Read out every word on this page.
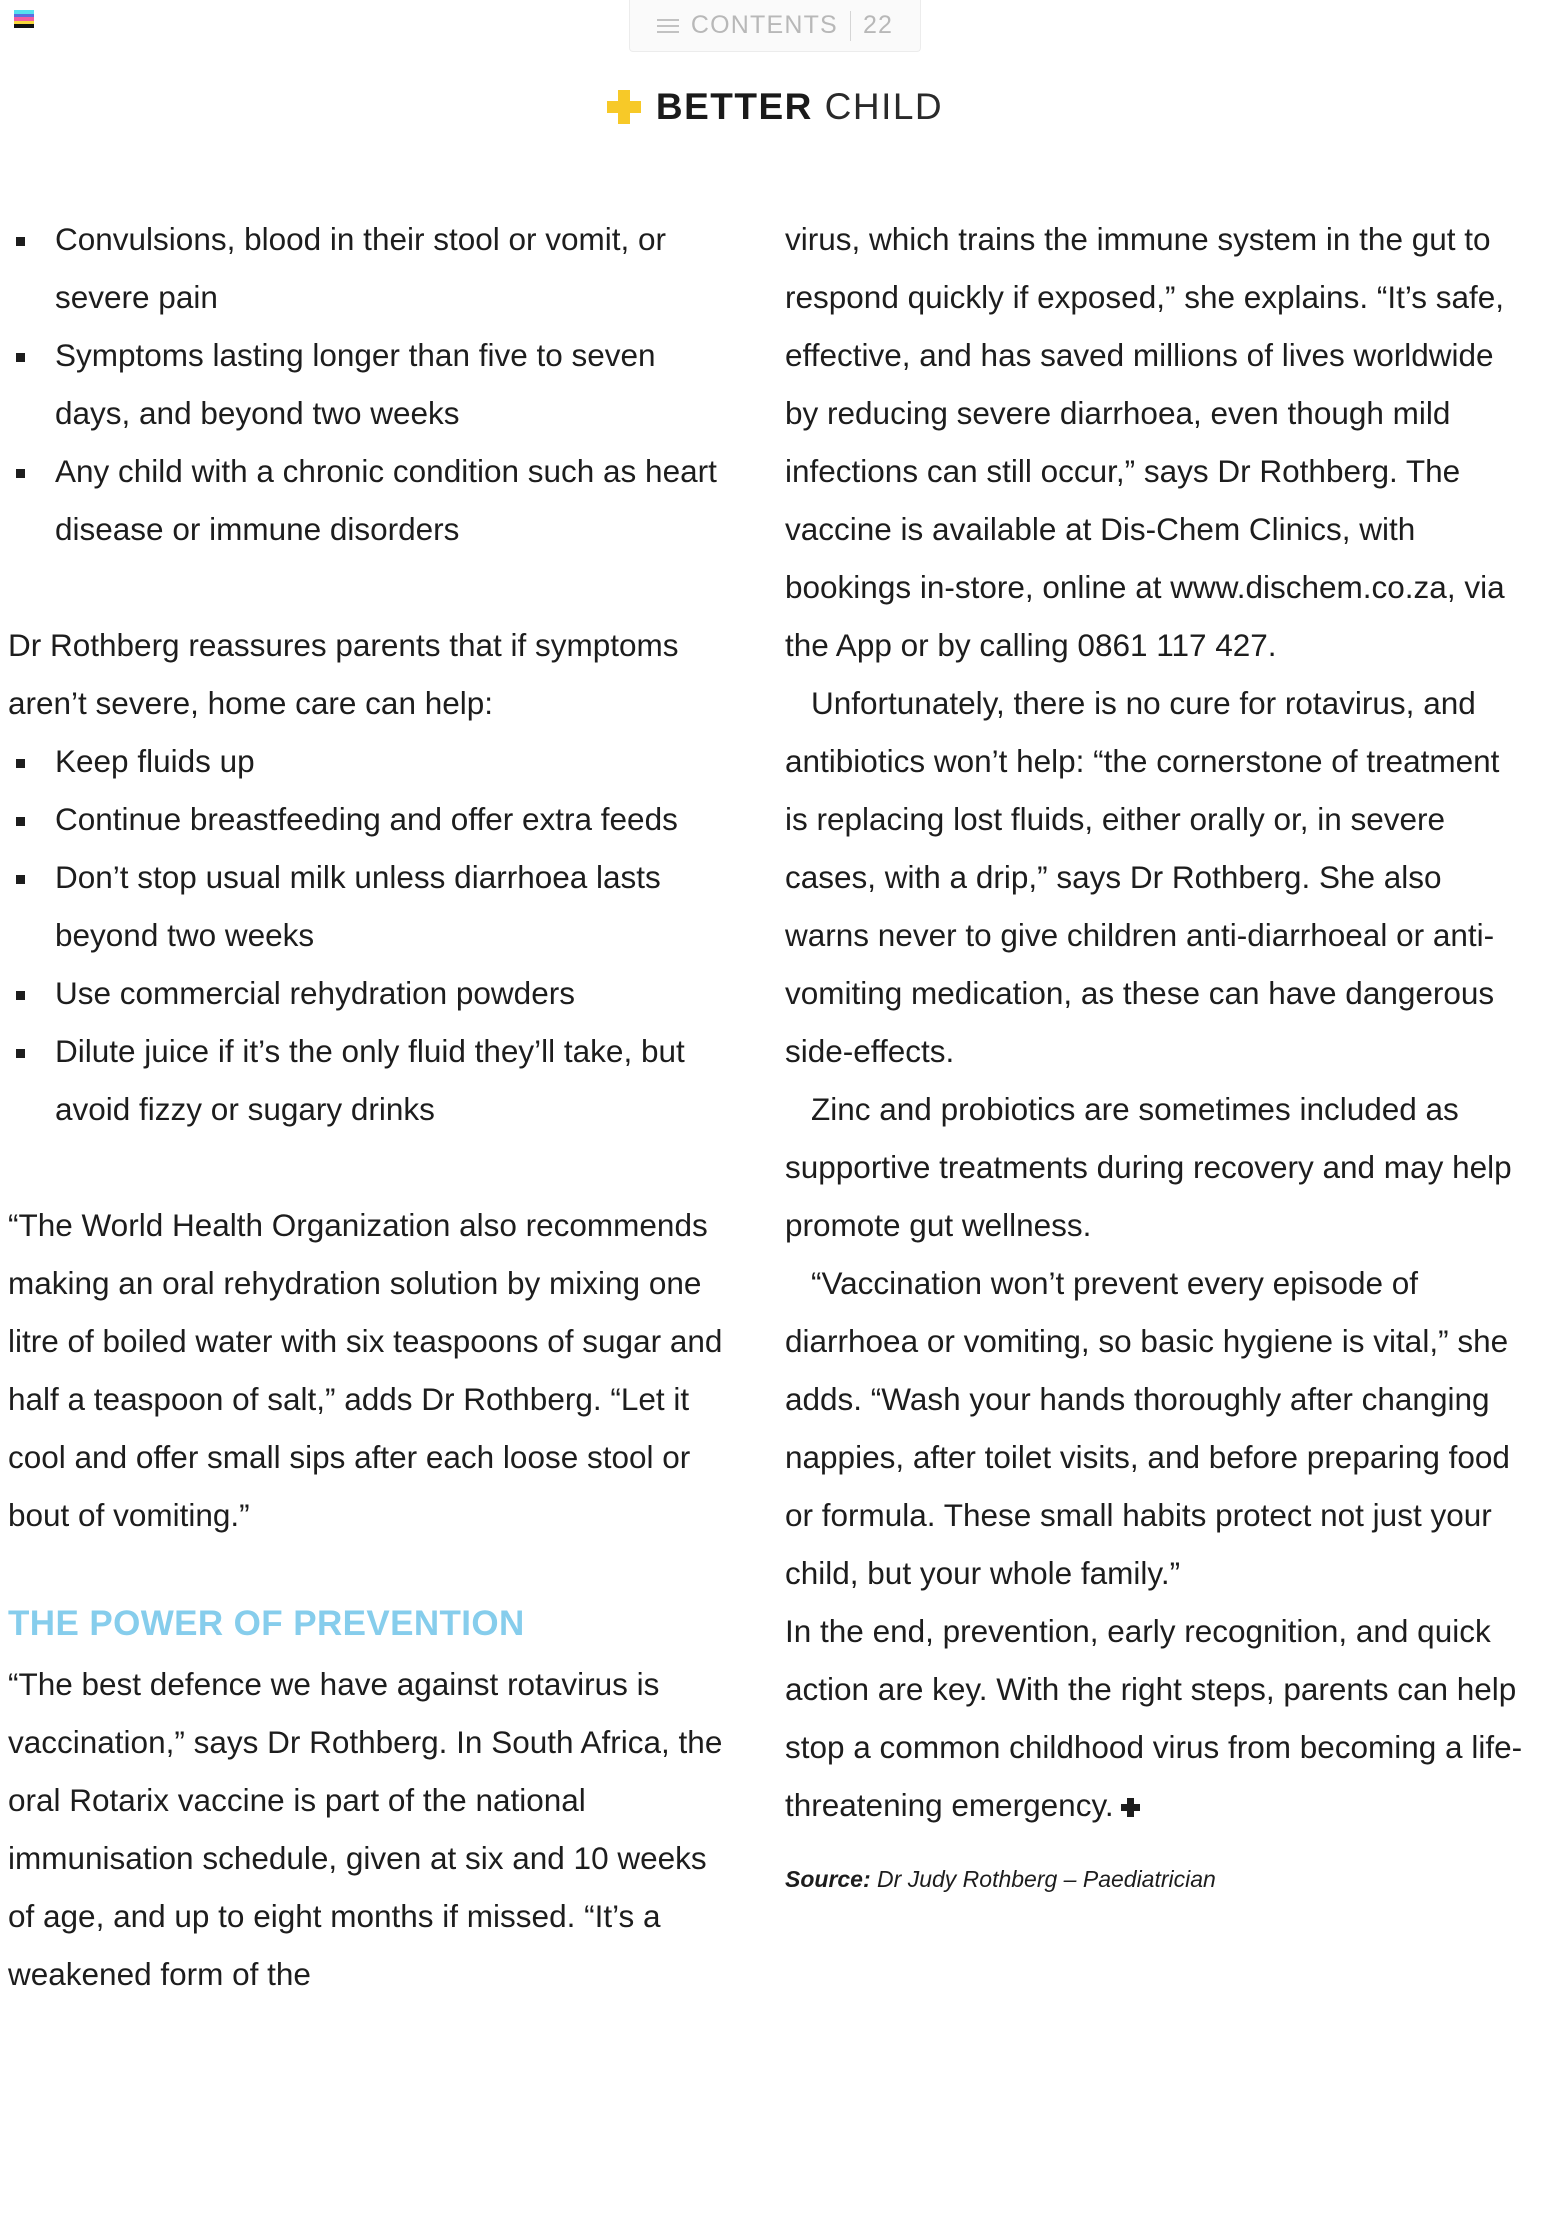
CONTENTS 22
BETTER CHILD
Convulsions, blood in their stool or vomit, or severe pain
Symptoms lasting longer than five to seven days, and beyond two weeks
Any child with a chronic condition such as heart disease or immune disorders

Dr Rothberg reassures parents that if symptoms aren’t severe, home care can help:

Keep fluids up
Continue breastfeeding and offer extra feeds
Don’t stop usual milk unless diarrhoea lasts beyond two weeks
Use commercial rehydration powders
Dilute juice if it’s the only fluid they’ll take, but avoid fizzy or sugary drinks

“The World Health Organization also recommends making an oral rehydration solution by mixing one litre of boiled water with six teaspoons of sugar and half a teaspoon of salt,” adds Dr Rothberg. “Let it cool and offer small sips after each loose stool or bout of vomiting.”

THE POWER OF PREVENTION

“The best defence we have against rotavirus is vaccination,” says Dr Rothberg. In South Africa, the oral Rotarix vaccine is part of the national immunisation schedule, given at six and 10 weeks of age, and up to eight months if missed. “It’s a weakened form of the

virus, which trains the immune system in the gut to respond quickly if exposed,” she explains. “It’s safe, effective, and has saved millions of lives worldwide by reducing severe diarrhoea, even though mild infections can still occur,” says Dr Rothberg. The vaccine is available at Dis-Chem Clinics, with bookings in-store, online at www.dischem.co.za, via the App or by calling 0861 117 427.

Unfortunately, there is no cure for rotavirus, and antibiotics won’t help: “the cornerstone of treatment is replacing lost fluids, either orally or, in severe cases, with a drip,” says Dr Rothberg. She also warns never to give children anti-diarrhoeal or anti-vomiting medication, as these can have dangerous side-effects.

Zinc and probiotics are sometimes included as supportive treatments during recovery and may help promote gut wellness.

“Vaccination won’t prevent every episode of diarrhoea or vomiting, so basic hygiene is vital,” she adds. “Wash your hands thoroughly after changing nappies, after toilet visits, and before preparing food or formula. These small habits protect not just your child, but your whole family.”

In the end, prevention, early recognition, and quick action are key. With the right steps, parents can help stop a common childhood virus from becoming a life-threatening emergency.

Source: Dr Judy Rothberg – Paediatrician
